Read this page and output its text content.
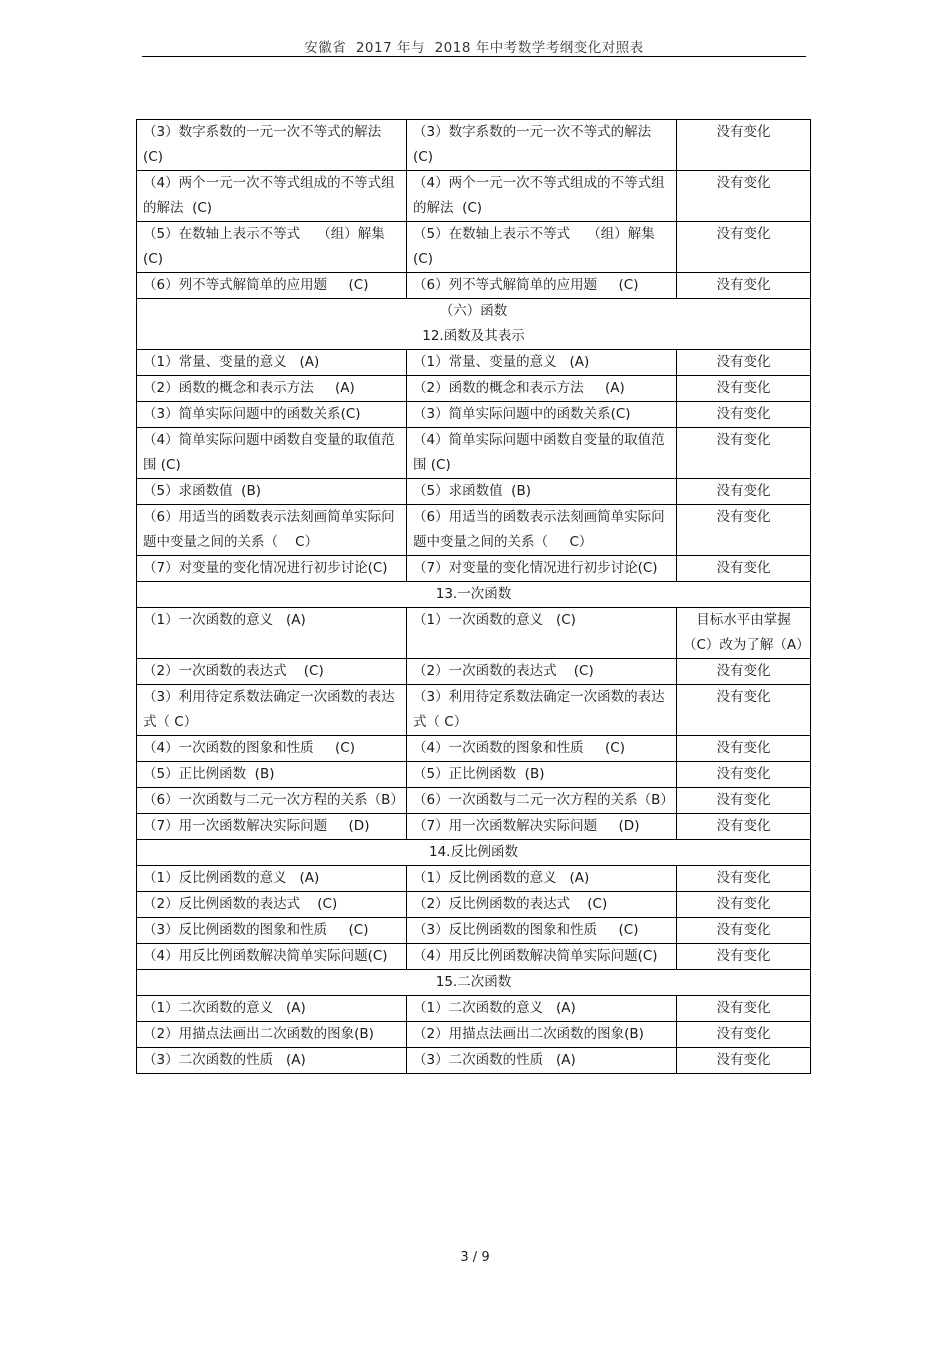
安徽省  2017 年与  2018 年中考数学考纲变化对照表
（3）数字系数的一元一次不等式的解法 (C)	（3）数字系数的一元一次不等式的解法 (C)	没有变化
（4）两个一元一次不等式组成的不等式组的解法  (C)	（4）两个一元一次不等式组成的不等式组的解法  (C)	没有变化
（5）在数轴上表示不等式    （组）解集(C)	（5）在数轴上表示不等式    （组）解集(C)	没有变化
（6）列不等式解简单的应用题     (C)	（6）列不等式解简单的应用题     (C)	没有变化

（六）函数
12.函数及其表示		

（1）常量、变量的意义   (A)	（1）常量、变量的意义   (A)	没有变化
（2）函数的概念和表示方法     (A)	（2）函数的概念和表示方法     (A)	没有变化
（3）简单实际问题中的函数关系(C)	（3）简单实际问题中的函数关系(C)	没有变化
（4）简单实际问题中函数自变量的取值范围 (C)	（4）简单实际问题中函数自变量的取值范围 (C)	没有变化
（5）求函数值  (B)	（5）求函数值  (B)	没有变化
（6）用适当的函数表示法刻画简单实际问题中变量之间的关系（    C）	（6）用适当的函数表示法刻画简单实际问题中变量之间的关系（     C）	没有变化
（7）对变量的变化情况进行初步讨论(C)	（7）对变量的变化情况进行初步讨论(C)	没有变化

13.一次函数		

（1）一次函数的意义   (A)	（1）一次函数的意义   (C)	目标水平由掌握（C）改为了解（A）
（2）一次函数的表达式    (C)	（2）一次函数的表达式    (C)	没有变化
（3）利用待定系数法确定一次函数的表达式（ C）	（3）利用待定系数法确定一次函数的表达式（ C）	没有变化
（4）一次函数的图象和性质     (C)	（4）一次函数的图象和性质     (C)	没有变化
（5）正比例函数  (B)	（5）正比例函数  (B)	没有变化
（6）一次函数与二元一次方程的关系（B）	（6）一次函数与二元一次方程的关系（B）	没有变化
（7）用一次函数解决实际问题     (D)	（7）用一次函数解决实际问题     (D)	没有变化

14.反比例函数		

（1）反比例函数的意义   (A)	（1）反比例函数的意义   (A)	没有变化
（2）反比例函数的表达式    (C)	（2）反比例函数的表达式    (C)	没有变化
（3）反比例函数的图象和性质     (C)	（3）反比例函数的图象和性质     (C)	没有变化
（4）用反比例函数解决简单实际问题(C)	（4）用反比例函数解决简单实际问题(C)	没有变化

15.二次函数		

（1）二次函数的意义   (A)	（1）二次函数的意义   (A)	没有变化
（2）用描点法画出二次函数的图象(B)	（2）用描点法画出二次函数的图象(B)	没有变化
（3）二次函数的性质   (A)	（3）二次函数的性质   (A)	没有变化
3 / 9
